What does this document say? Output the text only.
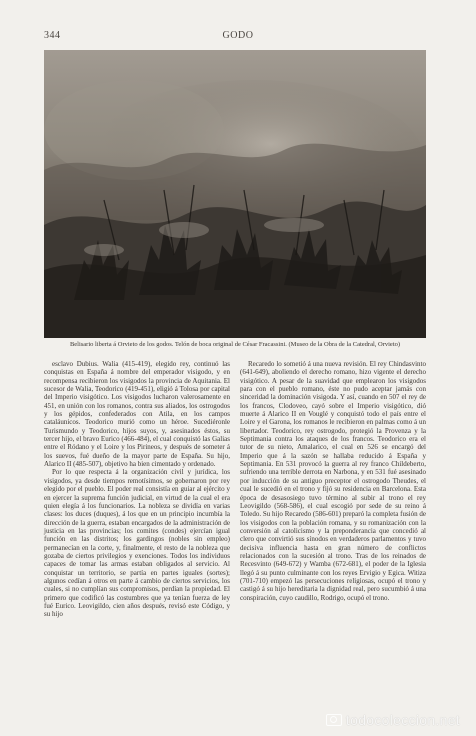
344	GODO
Belisario liberta á Orvieto de los godos. Telón de boca original de César Fracassini. (Museo de la Obra de la Catedral, Orvieto)

esclavo Dubius. Walia (415-419), elegido rey, continuó las conquistas en España á nombre del emperador visigodo, y en recompensa recibieron los visigodos la provincia de Aquitania. El sucesor de Walia, Teodorico (419-451), eligió á Tolosa por capital del Imperio visigótico. Los visigodos lucharon valerosamente en 451, en unión con los romanos, contra sus aliados, los ostrogodos y los gépidos, confederados con Atila, en los campos cataláunicos. Teodorico murió como un héroe. Sucediéronle Turismundo y Teodorico, hijos suyos, y, asesinados éstos, su tercer hijo, el bravo Eurico (466-484), el cual conquistó las Galias entre el Ródano y el Loire y los Pirineos, y después de someter á los suevos, fué dueño de la mayor parte de España. Su hijo, Alarico II (485-507), objetivo ha bien cimentado y ordenado.

Por lo que respecta á la organización civil y jurídica, los visigodos, ya desde tiempos remotísimos, se gobernaron por rey elegido por el pueblo. El poder real consistía en guiar al ejército y en ejercer la suprema función judicial, en virtud de la cual el era quien elegía á los funcionarios. La nobleza se dividía en varias clases: los duces (duques), á los que en un principio incumbía la dirección de la guerra, estaban encargados de la administración de justicia en las provincias; los comites (condes) ejercían igual función en las distritos; los gardingos (nobles sin empleo) permanecían en la corte, y, finalmente, el resto de la nobleza que gozaba de ciertos privilegios y exenciones. Todos los individuos capaces de tomar las armas estaban obligados al servicio. Al conquistar un territorio, se partía en partes iguales (sortes); algunos cedían á otros en parte á cambio de ciertos servicios, los cuales, si no cumplían sus compromisos, perdían la propiedad. El primero que codificó las costumbres que ya tenían fuerza de ley fué Eurico. Leovigildo, cien años después, revisó este Código, y su hijo

Recaredo lo sometió á una nueva revisión. El rey Chindasvinto (641-649), aboliendo el derecho romano, hizo vigente el derecho visigótico. A pesar de la suavidad que emplearon los visigodos para con el pueblo romano, éste no pudo aceptar jamás con sinceridad la dominación visigoda. Y así, cuando en 507 el rey de los francos, Clodoveo, cayó sobre el Imperio visigótico, dió muerte á Alarico II en Vouglé y conquistó todo el país entre el Loire y el Garona, los romanos le recibieron en palmas como á un libertador. Teodorico, rey ostrogodo, protegió la Provenza y la Septimania contra los ataques de los francos. Teodorico era el tutor de su nieto, Amalarico, el cual en 526 se encargó del Imperio que á la sazón se hallaba reducido á España y Septimania. En 531 provocó la guerra al rey franco Childeberto, sufriendo una terrible derrota en Narbona, y en 531 fué asesinado por inducción de su antiguo preceptor el ostrogodo Theudes, el cual le sucedió en el trono y fijó su residencia en Barcelona. Esta época de desasosiego tuvo término al subir al trono el rey Leovigildo (568-586), el cual escogió por sede de su reino á Toledo. Su hijo Recaredo (586-601) preparó la completa fusión de los visigodos con la población romana, y su romanización con la conversión al catolicismo y la preponderancia que concedió al clero que convirtió sus sínodos en verdaderos parlamentos y tuvo decisiva influencia hasta en gran número de conflictos relacionados con la sucesión al trono. Tras de los reinados de Recesvinto (649-672) y Wamba (672-681), el poder de la Iglesia llegó á su punto culminante con los reyes Ervigio y Egica. Witiza (701-710) empezó las persecuciones religiosas, ocupó el trono y castigó á su hijo hereditaria la dignidad real, pero sucumbió á una conspiración, cuyo caudillo, Rodrigo, ocupó el trono.

todocoleccion.net
